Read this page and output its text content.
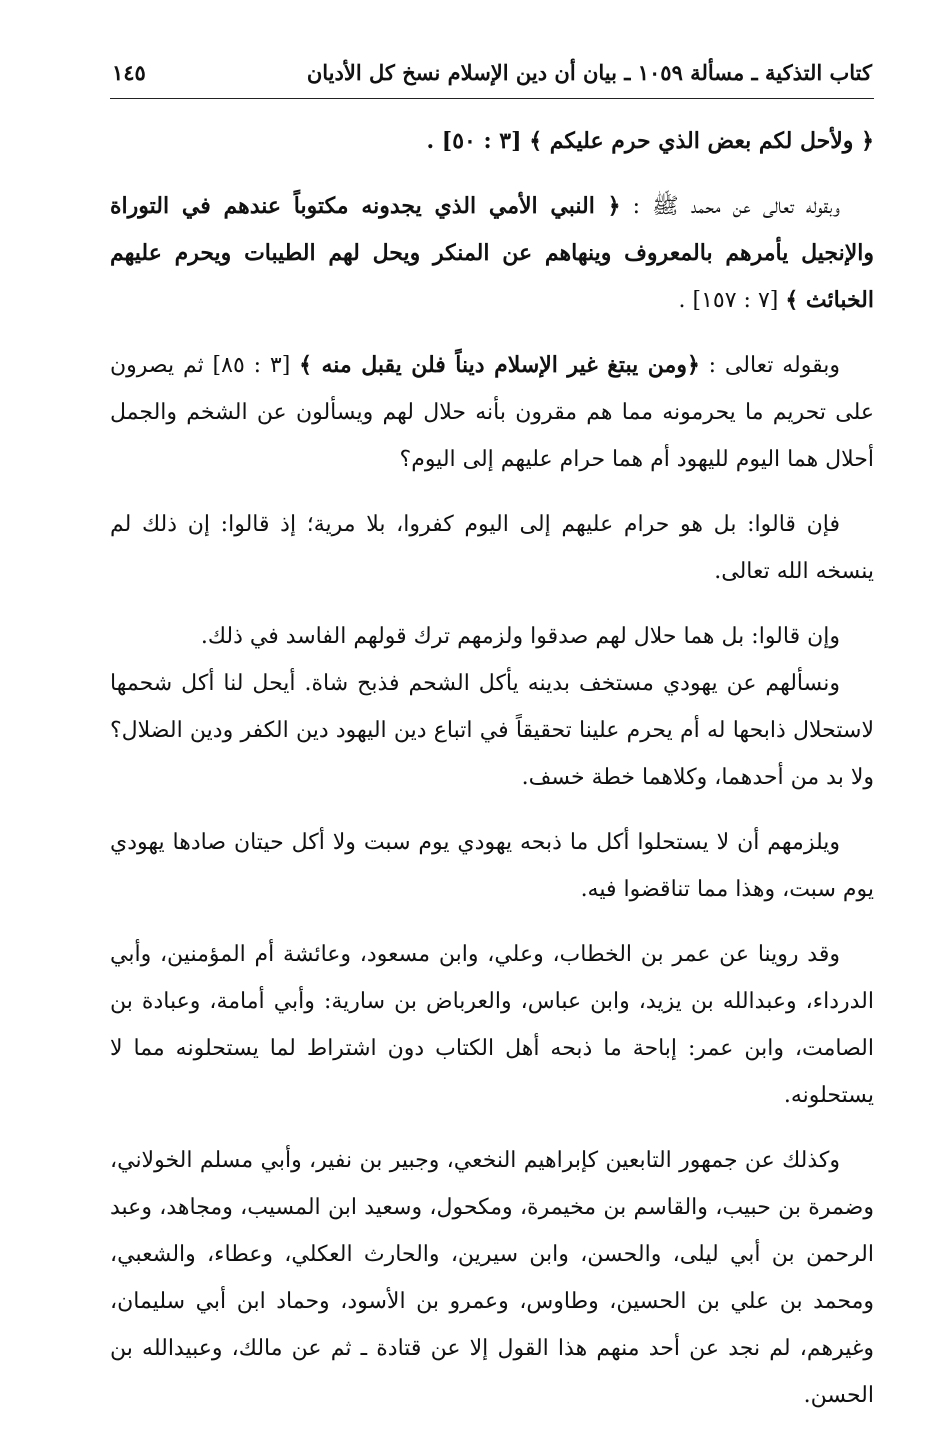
كتاب التذكية ـ مسألة ١٠٥٩ ـ بيان أن دين الإسلام نسخ كل الأديان
١٤٥

﴿ ولأحل لكم بعض الذي حرم عليكم ﴾ [٣ : ٥٠] .

وبقوله تعالى عن محمد ﷺ : ﴿ النبي الأمي الذي يجدونه مكتوباً عندهم في التوراة والإنجيل يأمرهم بالمعروف وينهاهم عن المنكر ويحل لهم الطيبات ويحرم عليهم الخبائث ﴾ [٧ : ١٥٧] .

وبقوله تعالى : ﴿ومن يبتغ غير الإسلام ديناً فلن يقبل منه ﴾ [٣ : ٨٥] ثم يصرون على تحريم ما يحرمونه مما هم مقرون بأنه حلال لهم ويسألون عن الشخم والجمل أحلال هما اليوم لليهود أم هما حرام عليهم إلى اليوم؟

فإن قالوا: بل هو حرام عليهم إلى اليوم كفروا، بلا مرية؛ إذ قالوا: إن ذلك لم ينسخه الله تعالى.

وإن قالوا: بل هما حلال لهم صدقوا ولزمهم ترك قولهم الفاسد في ذلك.

ونسألهم عن يهودي مستخف بدينه يأكل الشحم فذبح شاة. أيحل لنا أكل شحمها لاستحلال ذابحها له أم يحرم علينا تحقيقاً في اتباع دين اليهود دين الكفر ودين الضلال؟ ولا بد من أحدهما، وكلاهما خطة خسف.

ويلزمهم أن لا يستحلوا أكل ما ذبحه يهودي يوم سبت ولا أكل حيتان صادها يهودي يوم سبت، وهذا مما تناقضوا فيه.

وقد روينا عن عمر بن الخطاب، وعلي، وابن مسعود، وعائشة أم المؤمنين، وأبي الدرداء، وعبدالله بن يزيد، وابن عباس، والعرباض بن سارية: وأبي أمامة، وعبادة بن الصامت، وابن عمر: إباحة ما ذبحه أهل الكتاب دون اشتراط لما يستحلونه مما لا يستحلونه.

وكذلك عن جمهور التابعين كإبراهيم النخعي، وجبير بن نفير، وأبي مسلم الخولاني، وضمرة بن حبيب، والقاسم بن مخيمرة، ومكحول، وسعيد ابن المسيب، ومجاهد، وعبد الرحمن بن أبي ليلى، والحسن، وابن سيرين، والحارث العكلي، وعطاء، والشعبي، ومحمد بن علي بن الحسين، وطاوس، وعمرو بن الأسود، وحماد ابن أبي سليمان، وغيرهم، لم نجد عن أحد منهم هذا القول إلا عن قتادة ـ ثم عن مالك، وعبيدالله بن الحسن.
